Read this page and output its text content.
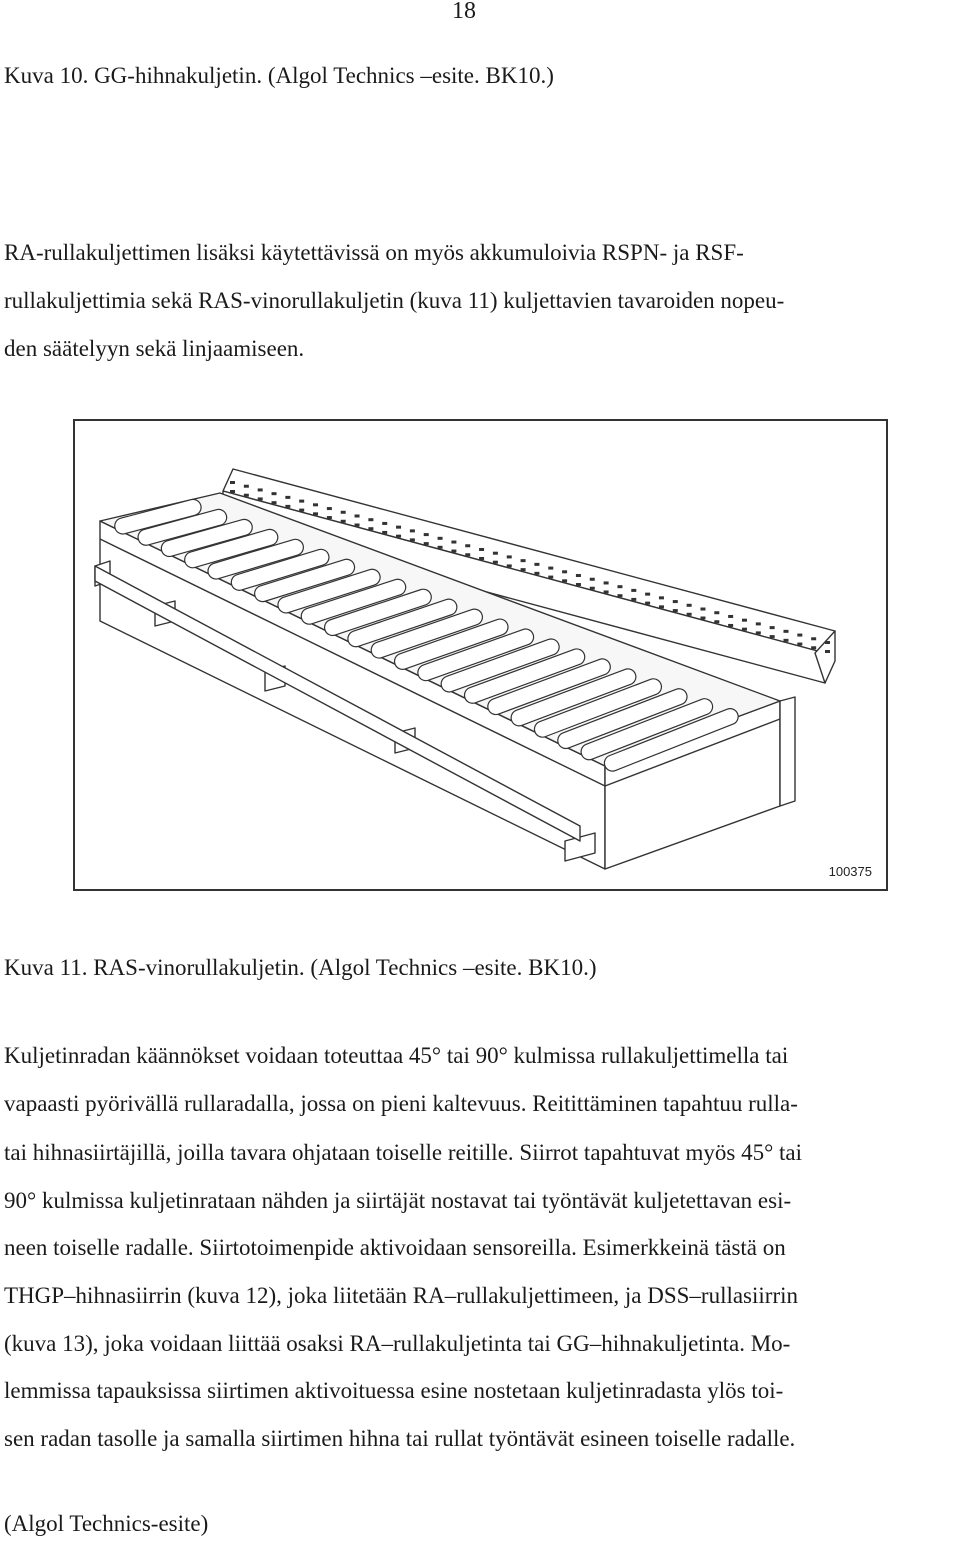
18
Kuva 10. GG-hihnakuljetin. (Algol Technics –esite. BK10.)
RA-rullakuljettimen lisäksi käytettävissä on myös akkumuloivia RSPN- ja RSF-
rullakuljettimia sekä RAS-vinorullakuljetin (kuva 11) kuljettavien tavaroiden nopeu-
den säätelyyn sekä linjaamiseen.
100375
Kuva 11. RAS-vinorullakuljetin. (Algol Technics –esite. BK10.)
Kuljetinradan käännökset voidaan toteuttaa 45° tai 90° kulmissa rullakuljettimella tai
vapaasti pyörivällä rullaradalla, jossa on pieni kaltevuus. Reitittäminen tapahtuu rulla-
tai hihnasiirtäjillä, joilla tavara ohjataan toiselle reitille. Siirrot tapahtuvat myös 45° tai
90° kulmissa kuljetinrataan nähden ja siirtäjät nostavat tai työntävät kuljetettavan esi-
neen toiselle radalle. Siirtotoimenpide aktivoidaan sensoreilla. Esimerkkeinä tästä on
THGP–hihnasiirrin (kuva 12), joka liitetään RA–rullakuljettimeen, ja DSS–rullasiirrin
(kuva 13), joka voidaan liittää osaksi RA–rullakuljetinta tai GG–hihnakuljetinta. Mo-
lemmissa tapauksissa siirtimen aktivoituessa esine nostetaan kuljetinradasta ylös toi-
sen radan tasolle ja samalla siirtimen hihna tai rullat työntävät esineen toiselle radalle.
(Algol Technics-esite)
